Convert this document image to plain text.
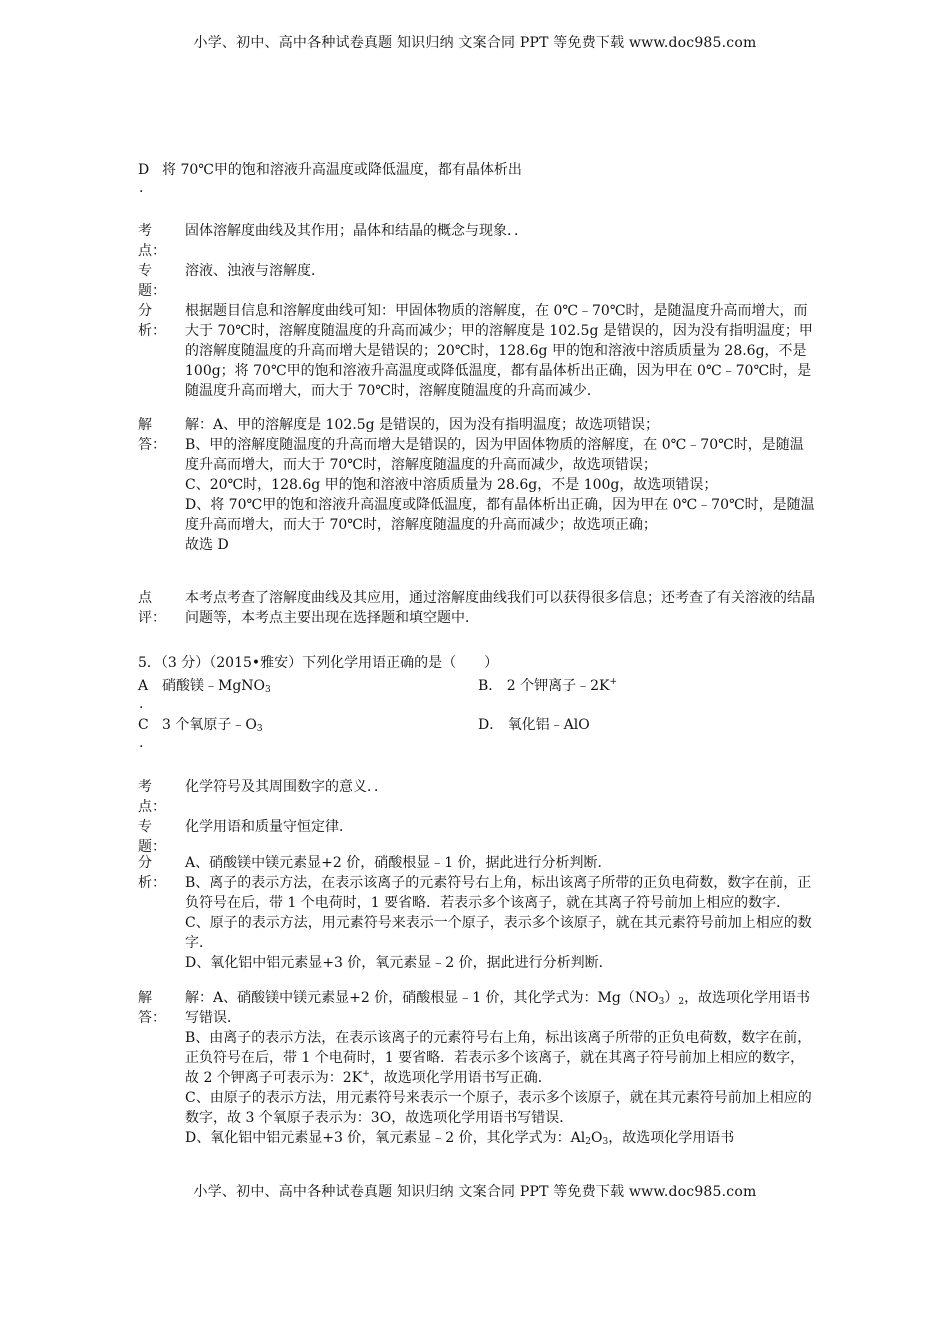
小学、初中、高中各种试卷真题 知识归纳 文案合同 PPT 等免费下载 www.doc985.com
D 将 70℃甲的饱和溶液升高温度或降低温度，都有晶体析出
.
考
点：
固体溶解度曲线及其作用；晶体和结晶的概念与现象．．
专
题：
溶液、浊液与溶解度．
分
析：
根据题目信息和溶解度曲线可知：甲固体物质的溶解度，在 0℃﹣70℃时，是随温度升高而增大，而大于 70℃时，溶解度随温度的升高而减少；甲的溶解度是 102.5g 是错误的，因为没有指明温度；甲的溶解度随温度的升高而增大是错误的；20℃时，128.6g 甲的饱和溶液中溶质质量为 28.6g，不是 100g；将 70℃甲的饱和溶液升高温度或降低温度，都有晶体析出正确，因为甲在 0℃﹣70℃时，是随温度升高而增大，而大于 70℃时，溶解度随温度的升高而减少．
解
答：

解：A、甲的溶解度是 102.5g 是错误的，因为没有指明温度；故选项错误；

B、甲的溶解度随温度的升高而增大是错误的，因为甲固体物质的溶解度，在 0℃﹣70℃时，是随温度升高而增大，而大于 70℃时，溶解度随温度的升高而减少，故选项错误；

C、20℃时，128.6g 甲的饱和溶液中溶质质量为 28.6g，不是 100g，故选项错误；

D、将 70℃甲的饱和溶液升高温度或降低温度，都有晶体析出正确，因为甲在 0℃﹣70℃时，是随温度升高而增大，而大于 70℃时，溶解度随温度的升高而减少；故选项正确；

故选 D

点
评：
本考点考查了溶解度曲线及其应用，通过溶解度曲线我们可以获得很多信息；还考查了有关溶液的结晶问题等，本考点主要出现在选择题和填空题中．
5．（3 分）（2015•雅安）下列化学用语正确的是（　　）
A 硝酸镁﹣MgNO$_3$
.
B． 2 个钾离子﹣2K+
C 3 个氧原子$﹣O_3$
.
D． 氧化铝﹣AlO
考
点：
化学符号及其周围数字的意义．．
专
题：
化学用语和质量守恒定律．
分
析：

A、硝酸镁中镁元素显+2 价，硝酸根显﹣1 价，据此进行分析判断．

B、离子的表示方法，在表示该离子的元素符号右上角，标出该离子所带的正负电荷数，数字在前，正负符号在后，带 1 个电荷时，1 要省略．若表示多个该离子，就在其离子符号前加上相应的数字．

C、原子的表示方法，用元素符号来表示一个原子，表示多个该原子，就在其元素符号前加上相应的数字．

D、氧化铝中铝元素显+3 价，氧元素显﹣2 价，据此进行分析判断．

解
答：

解：A、硝酸镁中镁元素显+2 价，硝酸根显﹣1 价，其化学式为：$Mg(NO_3)_2$，故选项化学用语书写错误．

B、由离子的表示方法，在表示该离子的元素符号右上角，标出该离子所带的正负电荷数，数字在前，正负符号在后，带 1 个电荷时，1 要省略．若表示多个该离子，就在其离子符号前加上相应的数字，故 2 个钾离子可表示为：2K+，故选项化学用语书写正确．

C、由原子的表示方法，用元素符号来表示一个原子，表示多个该原子，就在其元素符号前加上相应的数字，故 3 个氧原子表示为：3O，故选项化学用语书写错误．

D、氧化铝中铝元素显+3 价，氧元素显﹣2 价，其化学式为：$Al_2O_3$，故选项化学用语书

小学、初中、高中各种试卷真题 知识归纳 文案合同 PPT 等免费下载 www.doc985.com
